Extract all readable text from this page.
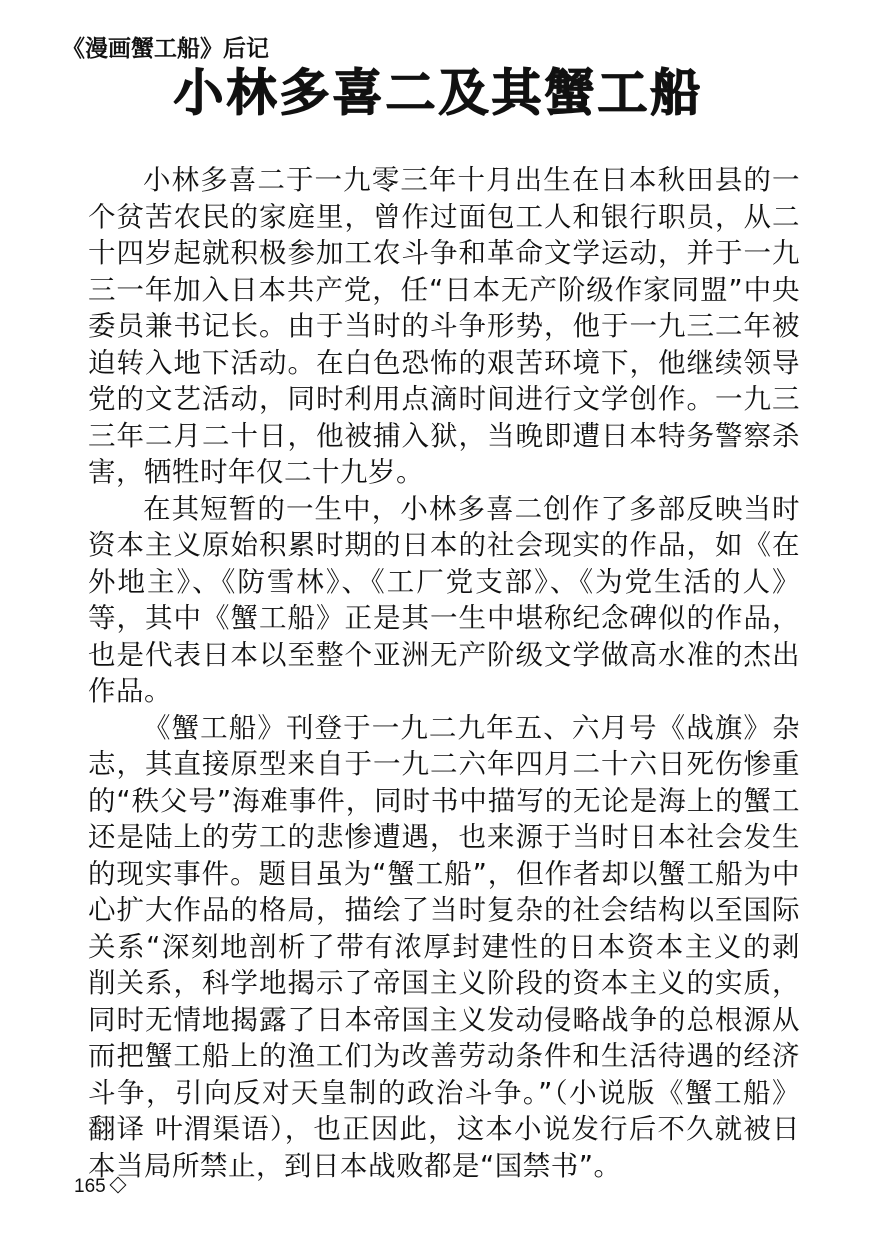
《漫画蟹工船》后记
小林多喜二及其蟹工船

小林多喜二于一九零三年十月出生在日本秋田县的一个贫苦农民的家庭里，曾作过面包工人和银行职员，从二十四岁起就积极参加工农斗争和革命文学运动，并于一九三一年加入日本共产党，任“日本无产阶级作家同盟”中央委员兼书记长。由于当时的斗争形势，他于一九三二年被迫转入地下活动。在白色恐怖的艰苦环境下，他继续领导党的文艺活动，同时利用点滴时间进行文学创作。一九三三年二月二十日，他被捕入狱，当晚即遭日本特务警察杀害，牺牲时年仅二十九岁。

在其短暂的一生中，小林多喜二创作了多部反映当时资本主义原始积累时期的日本的社会现实的作品，如《在外地主》、《防雪林》、《工厂党支部》、《为党生活的人》等，其中《蟹工船》正是其一生中堪称纪念碑似的作品，也是代表日本以至整个亚洲无产阶级文学做高水准的杰出作品。

《蟹工船》刊登于一九二九年五、六月号《战旗》杂志，其直接原型来自于一九二六年四月二十六日死伤惨重的“秩父号”海难事件，同时书中描写的无论是海上的蟹工还是陆上的劳工的悲惨遭遇，也来源于当时日本社会发生的现实事件。题目虽为“蟹工船”，但作者却以蟹工船为中心扩大作品的格局，描绘了当时复杂的社会结构以至国际关系“深刻地剖析了带有浓厚封建性的日本资本主义的剥削关系，科学地揭示了帝国主义阶段的资本主义的实质，同时无情地揭露了日本帝国主义发动侵略战争的总根源从而把蟹工船上的渔工们为改善劳动条件和生活待遇的经济斗争，引向反对天皇制的政治斗争。”（小说版《蟹工船》翻译 叶渭渠语），也正因此，这本小说发行后不久就被日本当局所禁止，到日本战败都是“国禁书”。

165
